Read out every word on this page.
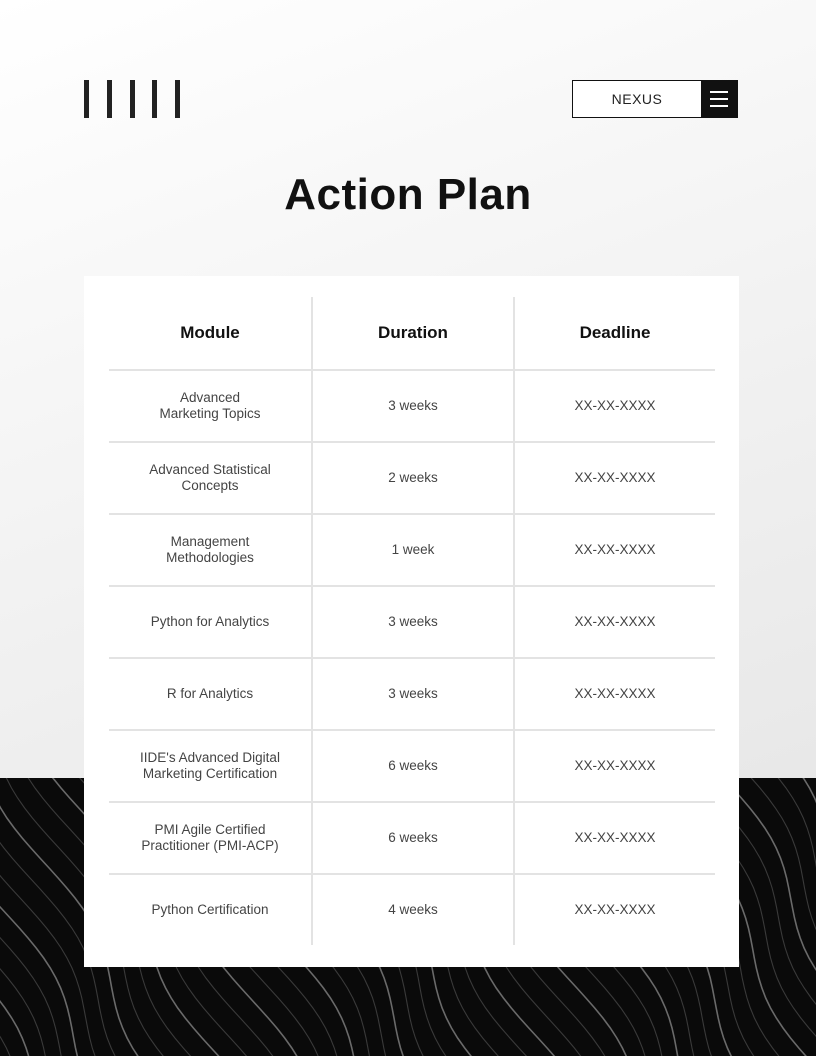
NEXUS
Action Plan
Module	Duration	Deadline
Advanced
Marketing Topics
3 weeks	XX-XX-XXXX
Advanced Statistical
Concepts
2 weeks	XX-XX-XXXX
Management
Methodologies
1 week	XX-XX-XXXX
Python for Analytics	3 weeks	XX-XX-XXXX
R for Analytics	3 weeks	XX-XX-XXXX
IIDE's Advanced Digital
Marketing Certification
6 weeks	XX-XX-XXXX
PMI Agile Certified
Practitioner (PMI-ACP)
6 weeks	XX-XX-XXXX
Python Certification	4 weeks	XX-XX-XXXX
